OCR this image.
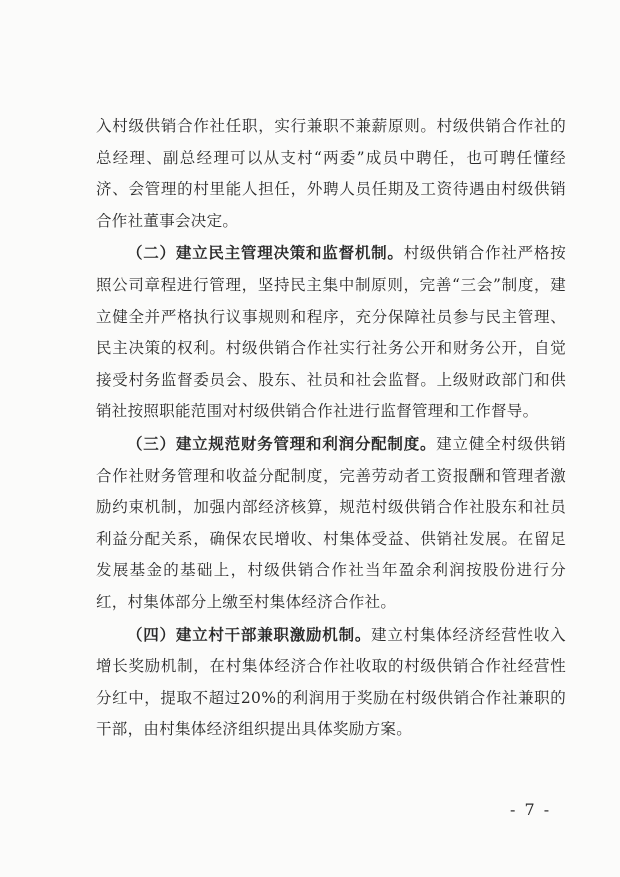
入村级供销合作社任职，实行兼职不兼薪原则。村级供销合作社的总经理、副总经理可以从支村“两委”成员中聘任，也可聘任懂经济、会管理的村里能人担任，外聘人员任期及工资待遇由村级供销合作社董事会决定。

（二）建立民主管理决策和监督机制。村级供销合作社严格按照公司章程进行管理，坚持民主集中制原则，完善“三会”制度，建立健全并严格执行议事规则和程序，充分保障社员参与民主管理、民主决策的权利。村级供销合作社实行社务公开和财务公开，自觉接受村务监督委员会、股东、社员和社会监督。上级财政部门和供销社按照职能范围对村级供销合作社进行监督管理和工作督导。

（三）建立规范财务管理和利润分配制度。建立健全村级供销合作社财务管理和收益分配制度，完善劳动者工资报酬和管理者激励约束机制，加强内部经济核算，规范村级供销合作社股东和社员利益分配关系，确保农民增收、村集体受益、供销社发展。在留足发展基金的基础上，村级供销合作社当年盈余利润按股份进行分红，村集体部分上缴至村集体经济合作社。

（四）建立村干部兼职激励机制。建立村集体经济经营性收入增长奖励机制，在村集体经济合作社收取的村级供销合作社经营性分红中，提取不超过20%的利润用于奖励在村级供销合作社兼职的干部，由村集体经济组织提出具体奖励方案。

- 7 -
